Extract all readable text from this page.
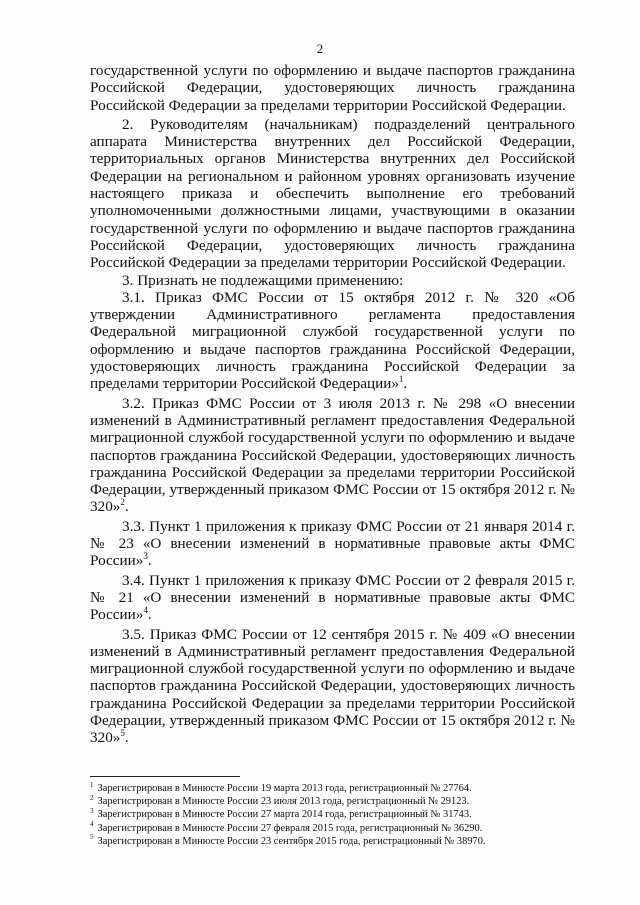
2

государственной услуги по оформлению и выдаче паспортов гражданина Российской Федерации, удостоверяющих личность гражданина Российской Федерации за пределами территории Российской Федерации.

2. Руководителям (начальникам) подразделений центрального аппарата Министерства внутренних дел Российской Федерации, территориальных органов Министерства внутренних дел Российской Федерации на региональном и районном уровнях организовать изучение настоящего приказа и обеспечить выполнение его требований уполномоченными должностными лицами, участвующими в оказании государственной услуги по оформлению и выдаче паспортов гражданина Российской Федерации, удостоверяющих личность гражданина Российской Федерации за пределами территории Российской Федерации.

3. Признать не подлежащими применению:

3.1. Приказ ФМС России от 15 октября 2012 г. № 320 «Об утверждении Административного регламента предоставления Федеральной миграционной службой государственной услуги по оформлению и выдаче паспортов гражданина Российской Федерации, удостоверяющих личность гражданина Российской Федерации за пределами территории Российской Федерации»$^1$.

3.2. Приказ ФМС России от 3 июля 2013 г. № 298 «О внесении изменений в Административный регламент предоставления Федеральной миграционной службой государственной услуги по оформлению и выдаче паспортов гражданина Российской Федерации, удостоверяющих личность гражданина Российской Федерации за пределами территории Российской Федерации, утвержденный приказом ФМС России от 15 октября 2012 г. № 320»$^2$.

3.3. Пункт 1 приложения к приказу ФМС России от 21 января 2014 г. № 23 «О внесении изменений в нормативные правовые акты ФМС России»$^3$.

3.4. Пункт 1 приложения к приказу ФМС России от 2 февраля 2015 г. № 21 «О внесении изменений в нормативные правовые акты ФМС России»$^4$.

3.5. Приказ ФМС России от 12 сентября 2015 г. № 409 «О внесении изменений в Административный регламент предоставления Федеральной миграционной службой государственной услуги по оформлению и выдаче паспортов гражданина Российской Федерации, удостоверяющих личность гражданина Российской Федерации за пределами территории Российской Федерации, утвержденный приказом ФМС России от 15 октября 2012 г. № 320»$^5$.

$^1$ Зарегистрирован в Минюсте России 19 марта 2013 года, регистрационный № 27764.

$^2$ Зарегистрирован в Минюсте России 23 июля 2013 года, регистрационный № 29123.

$^3$ Зарегистрирован в Минюсте России 27 марта 2014 года, регистрационный № 31743.

$^4$ Зарегистрирован в Минюсте России 27 февраля 2015 года, регистрационный № 36290.

$^5$ Зарегистрирован в Минюсте России 23 сентября 2015 года, регистрационный № 38970.
